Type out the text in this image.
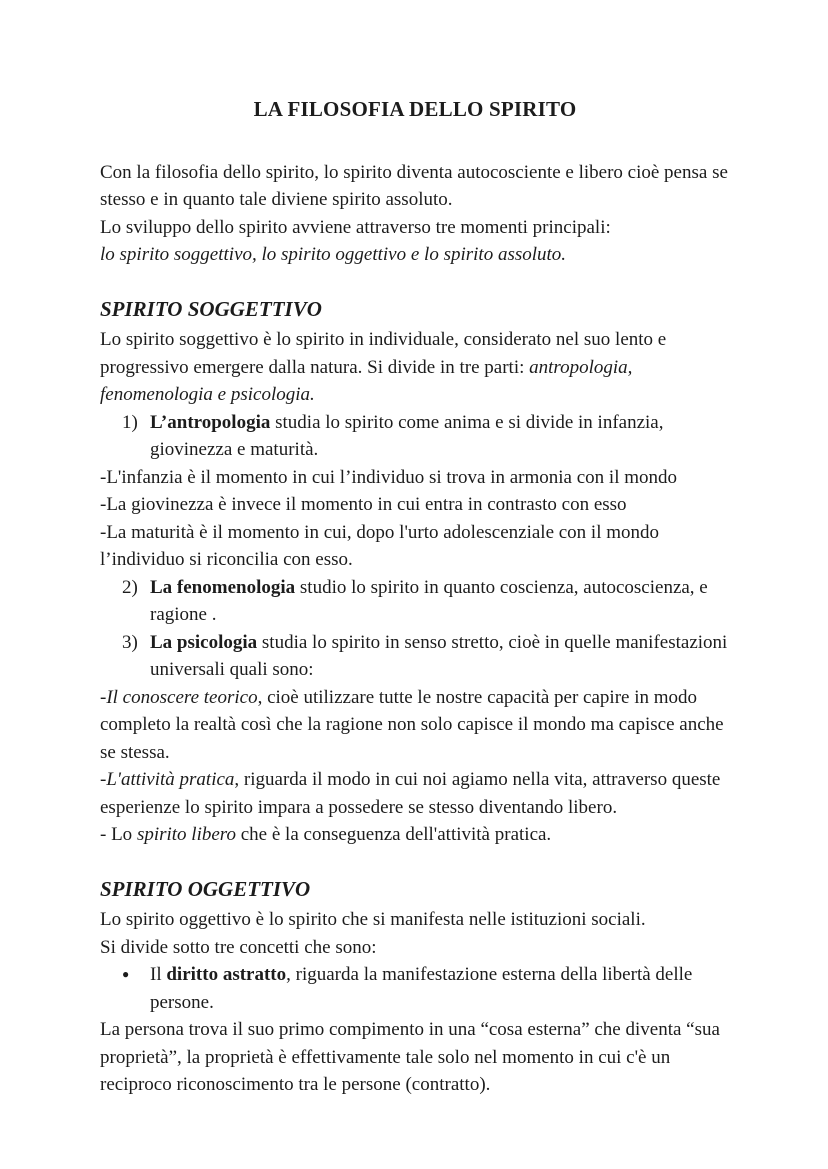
LA FILOSOFIA DELLO SPIRITO

Con la filosofia dello spirito, lo spirito diventa autocosciente e libero cioè pensa se stesso e in quanto tale diviene spirito assoluto.

Lo sviluppo dello spirito avviene attraverso tre momenti principali:

lo spirito soggettivo, lo spirito oggettivo e lo spirito assoluto.

SPIRITO SOGGETTIVO

Lo spirito soggettivo è lo spirito in individuale, considerato nel suo lento e progressivo emergere dalla natura. Si divide in tre parti: antropologia, fenomenologia e psicologia.

1) L’antropologia studia lo spirito come anima e si divide in infanzia, giovinezza e maturità.

-L'infanzia è il momento in cui l’individuo si trova in armonia con il mondo

-La giovinezza è invece il momento in cui entra in contrasto con esso

-La maturità è il momento in cui, dopo l'urto adolescenziale con il mondo l’individuo si riconcilia con esso.

2) La fenomenologia studio lo spirito in quanto coscienza, autocoscienza, e ragione .
3) La psicologia studia lo spirito in senso stretto, cioè in quelle manifestazioni universali quali sono:

-Il conoscere teorico, cioè utilizzare tutte le nostre capacità per capire in modo completo la realtà così che la ragione non solo capisce il mondo ma capisce anche se stessa.

-L'attività pratica, riguarda il modo in cui noi agiamo nella vita, attraverso queste esperienze lo spirito impara a possedere se stesso diventando libero.

- Lo spirito libero che è la conseguenza dell'attività pratica.

SPIRITO OGGETTIVO

Lo spirito oggettivo è lo spirito che si manifesta nelle istituzioni sociali.

Si divide sotto tre concetti che sono:

●	Il diritto astratto, riguarda la manifestazione esterna della libertà delle persone.

La persona trova il suo primo compimento in una “cosa esterna” che diventa “sua proprietà”, la proprietà è effettivamente tale solo nel momento in cui c'è un reciproco riconoscimento tra le persone (contratto).
